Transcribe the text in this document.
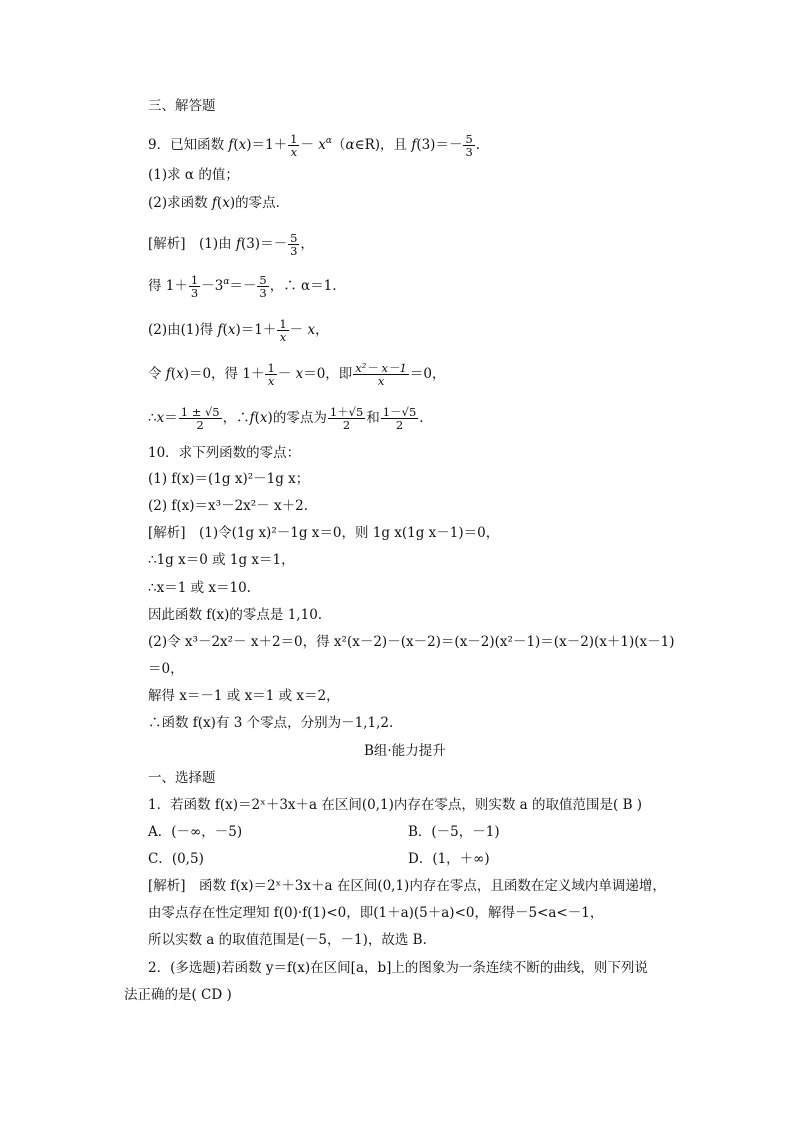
三、解答题
9．已知函数 $f(x)=1+ \frac{1}{x}$ － $x^\alpha(\alpha\in R)$，且 $f(3)=- \frac{5}{3}$ .
(1)求 α 的值；
(2)求函数 f(x)的零点．
[解析]　(1)由 $f(3)=- \frac{5}{3}$ ，
得 $1+ \frac{1}{3} -3^\alpha=- \frac{5}{3}$ ，∴ α＝1.
(2)由(1)得 $f(x)=1+ \frac{1}{x} - x$，
令 f(x)＝0，得 $1+ \frac{1}{x} - x=0$，即 $\frac{\text{x²－ x－1}}{x} =0$，
∴x＝ $\frac{1 \pm √5}{2}$ ，∴f(x)的零点为 $\frac{1+√5}{2}$ 和 $\frac{1-√5}{2}$ .
10．求下列函数的零点：
(1) f(x)＝(1g x)²－1g x；
(2) f(x)＝x³－2x²－ x＋2.
[解析]　(1)令(1g x)²－1g x＝0，则 1g x(1g x－1)＝0，
∴1g x＝0 或 1g x＝1，
∴x＝1 或 x＝10.
因此函数 f(x)的零点是 1,10.
(2)令 x³－2x²－ x＋2＝0，得 x²(x－2)－(x－2)＝(x－2)(x²－1)＝(x－2)(x＋1)(x－1)
＝0，
解得 x＝－1 或 x＝1 或 x＝2，
∴函数 f(x)有 3 个零点，分别为－1,1,2.
B组·能力提升
一、选择题
1．若函数 f(x)＝2ˣ＋3x＋a 在区间(0,1)内存在零点，则实数 a 的取值范围是( B )
A．(－∞，－5)	B．(－5，－1)
C．(0,5)	D．(1，＋∞)
[解析]　函数 f(x)＝2ˣ＋3x＋a 在区间(0,1)内存在零点，且函数在定义域内单调递增，
由零点存在性定理知 f(0)·f(1)<0，即(1＋a)(5＋a)<0，解得－5<a<－1，
所以实数 a 的取值范围是(－5，－1)，故选 B.
2．(多选题)若函数 y＝f(x)在区间[a，b]上的图象为一条连续不断的曲线，则下列说
法正确的是( CD )
